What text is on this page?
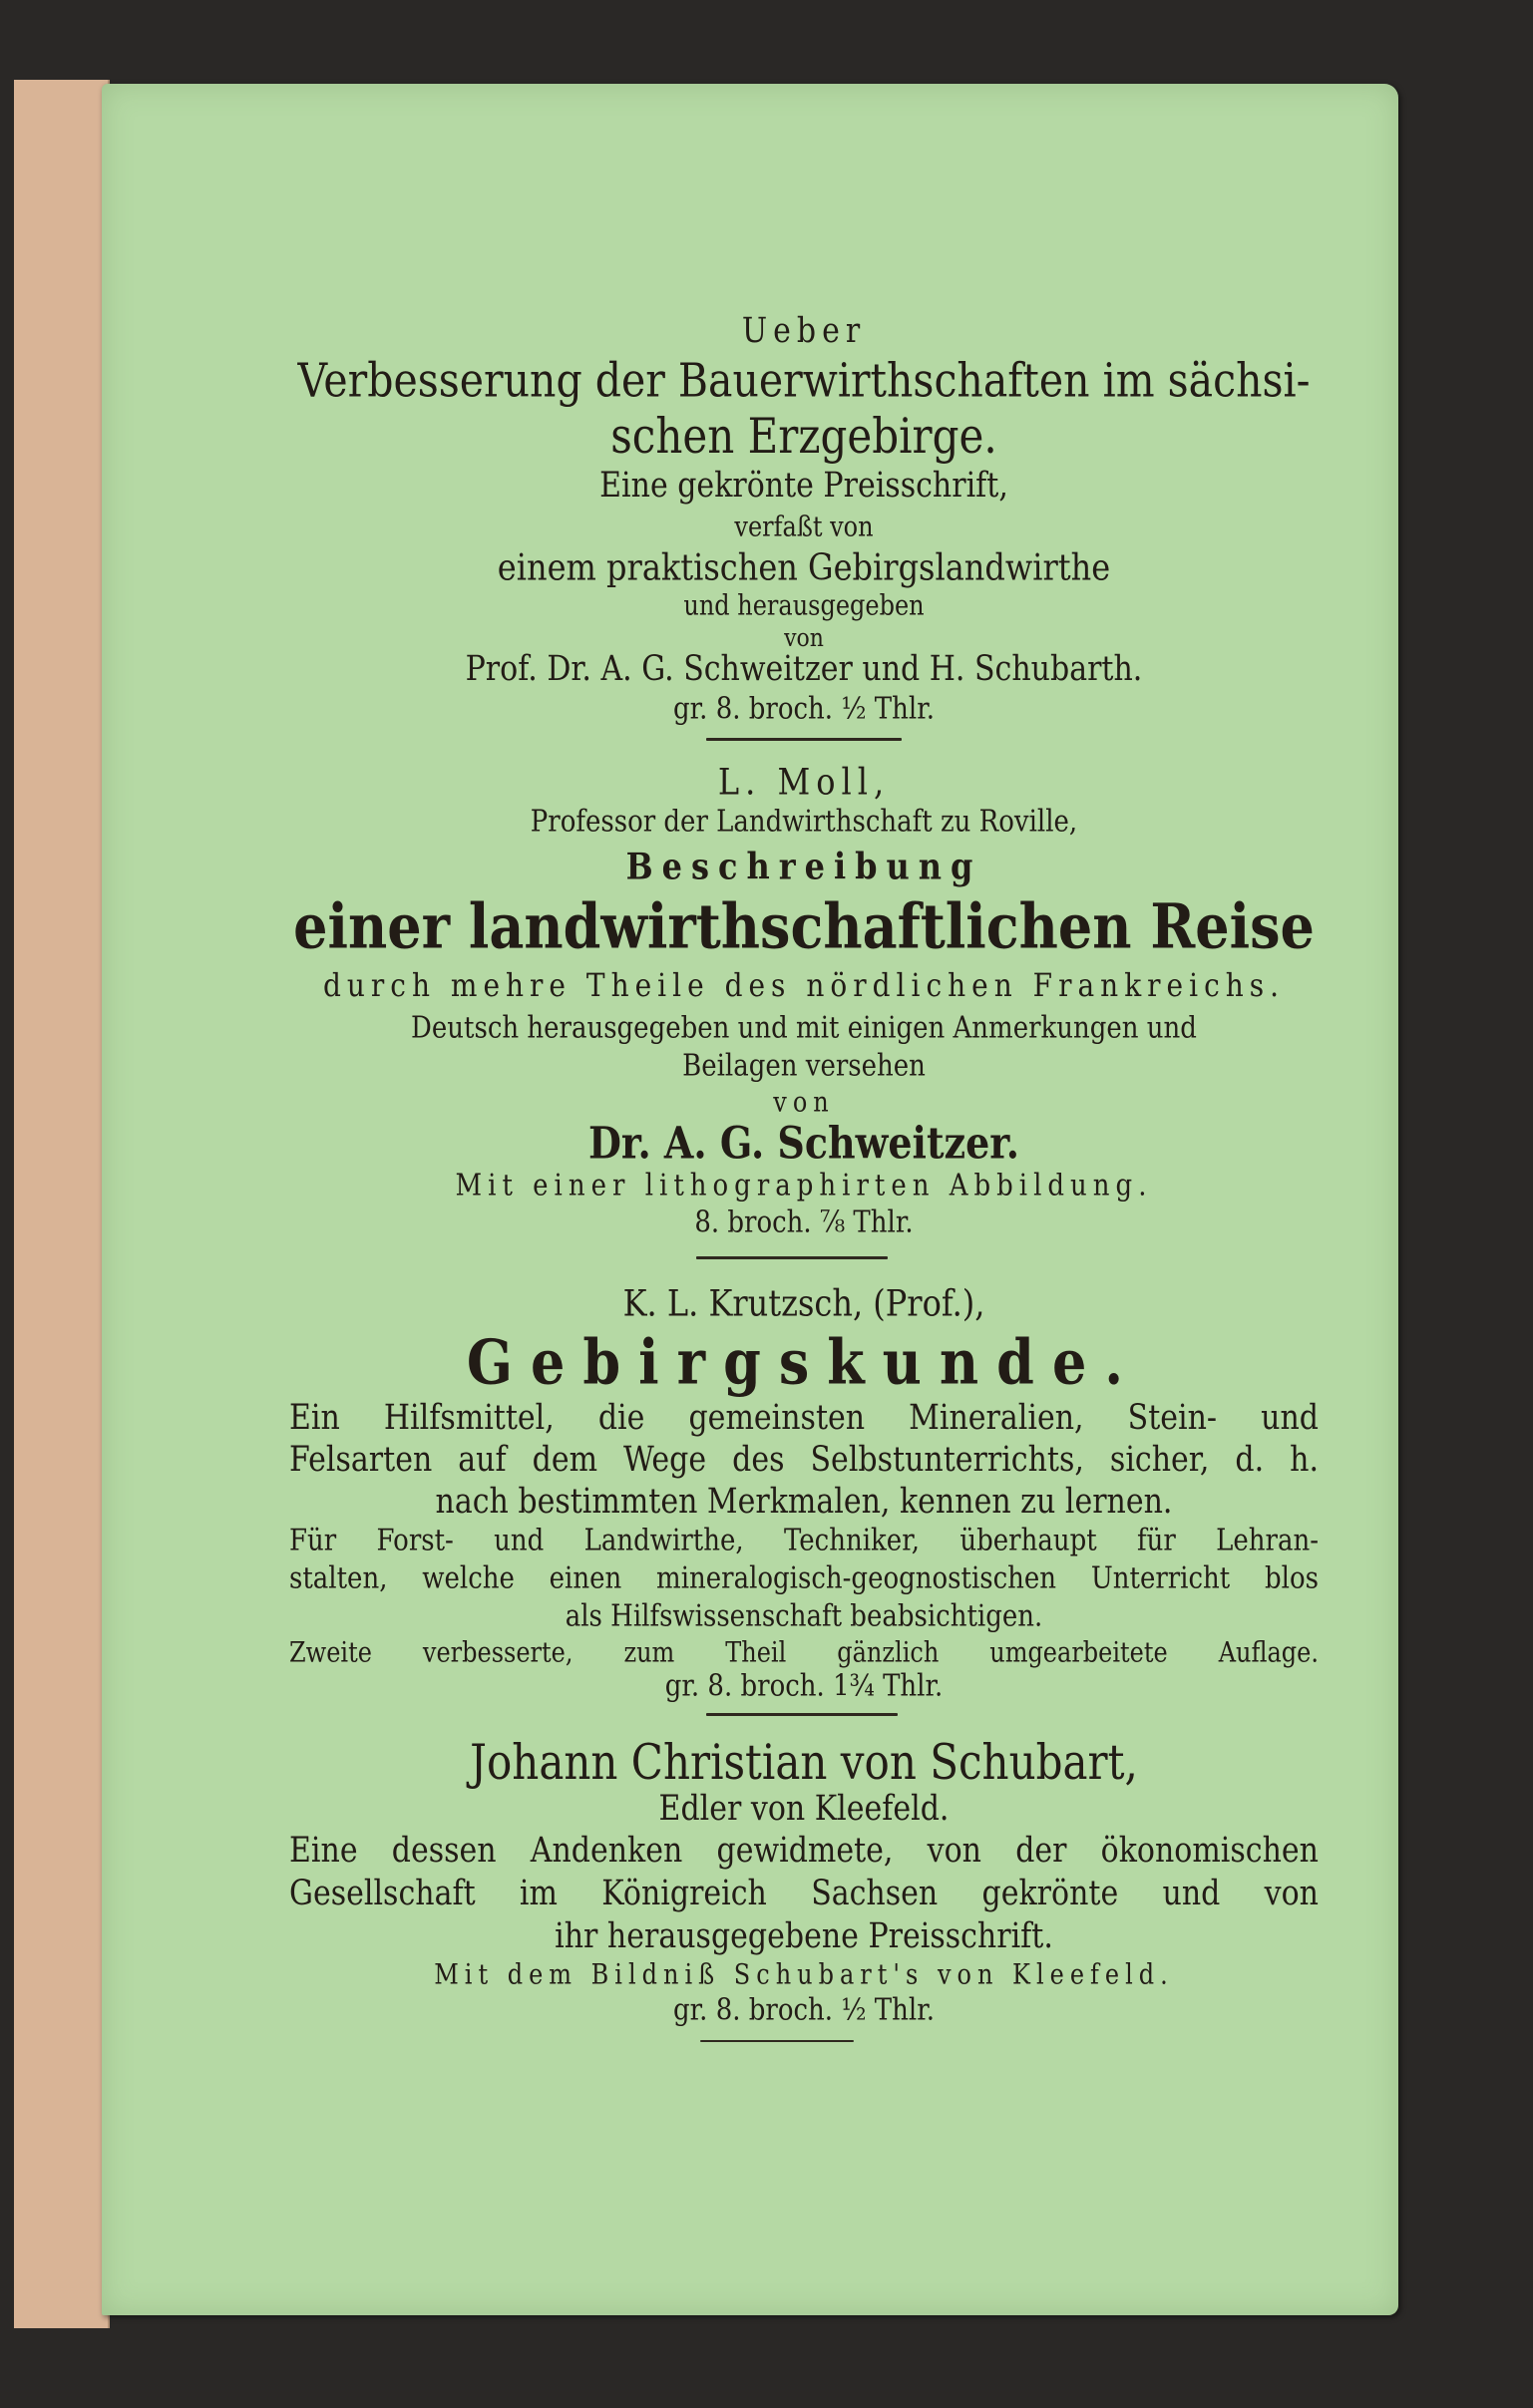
Ueber
Verbesserung der Bauerwirthschaften im sächsi-
schen Erzgebirge.
Eine gekrönte Preisschrift,
verfaßt von
einem praktischen Gebirgslandwirthe
und herausgegeben
von
Prof. Dr. A. G. Schweitzer und H. Schubarth.
gr. 8. broch. ½ Thlr.
L. Moll,
Professor der Landwirthschaft zu Roville,
Beschreibung
einer landwirthschaftlichen Reise
durch mehre Theile des nördlichen Frankreichs.
Deutsch herausgegeben und mit einigen Anmerkungen und
Beilagen versehen
von
Dr. A. G. Schweitzer.
Mit einer lithographirten Abbildung.
8. broch. ⅞ Thlr.
K. L. Krutzsch, (Prof.),
Gebirgskunde.
Ein Hilfsmittel, die gemeinsten Mineralien, Stein- und
Felsarten auf dem Wege des Selbstunterrichts, sicher, d. h.
nach bestimmten Merkmalen, kennen zu lernen.
Für Forst- und Landwirthe, Techniker, überhaupt für Lehran-
stalten, welche einen mineralogisch-geognostischen Unterricht blos
als Hilfswissenschaft beabsichtigen.
Zweite verbesserte, zum Theil gänzlich umgearbeitete Auflage.
gr. 8. broch. 1¾ Thlr.
Johann Christian von Schubart,
Edler von Kleefeld.
Eine dessen Andenken gewidmete, von der ökonomischen
Gesellschaft im Königreich Sachsen gekrönte und von
ihr herausgegebene Preisschrift.
Mit dem Bildniß Schubart's von Kleefeld.
gr. 8. broch. ½ Thlr.
